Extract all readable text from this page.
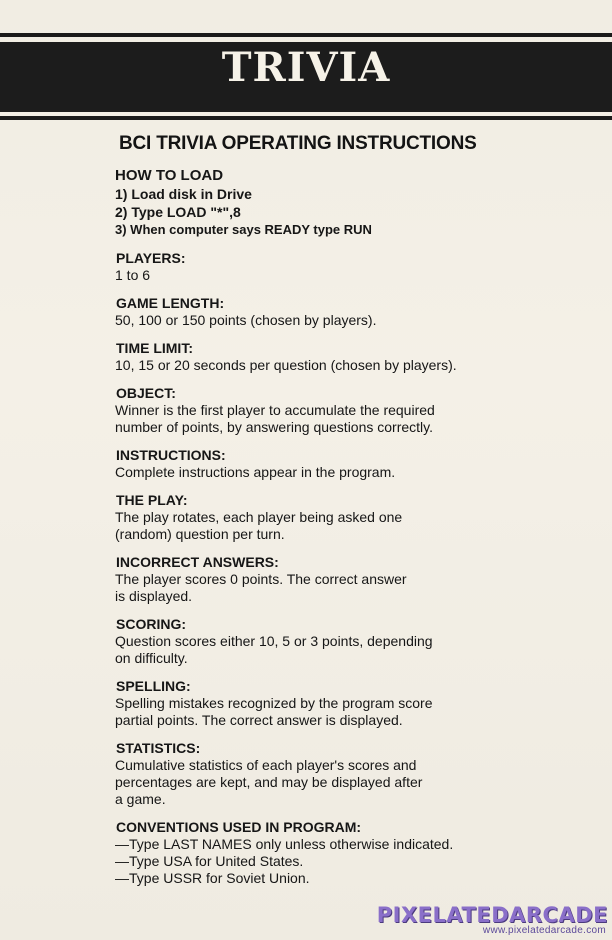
TRIVIA
BCI TRIVIA OPERATING INSTRUCTIONS
HOW TO LOAD
1) Load disk in Drive
2) Type LOAD "*",8
3) When computer says READY type RUN
PLAYERS:
1 to 6
GAME LENGTH:
50, 100 or 150 points (chosen by players).
TIME LIMIT:
10, 15 or 20 seconds per question (chosen by players).
OBJECT:
Winner is the first player to accumulate the required
number of points, by answering questions correctly.
INSTRUCTIONS:
Complete instructions appear in the program.
THE PLAY:
The play rotates, each player being asked one
(random) question per turn.
INCORRECT ANSWERS:
The player scores 0 points. The correct answer
is displayed.
SCORING:
Question scores either 10, 5 or 3 points, depending
on difficulty.
SPELLING:
Spelling mistakes recognized by the program score
partial points. The correct answer is displayed.
STATISTICS:
Cumulative statistics of each player's scores and
percentages are kept, and may be displayed after
a game.
CONVENTIONS USED IN PROGRAM:
—Type LAST NAMES only unless otherwise indicated.
—Type USA for United States.
—Type USSR for Soviet Union.
PIXELATEDARCADE
www.pixelatedarcade.com
